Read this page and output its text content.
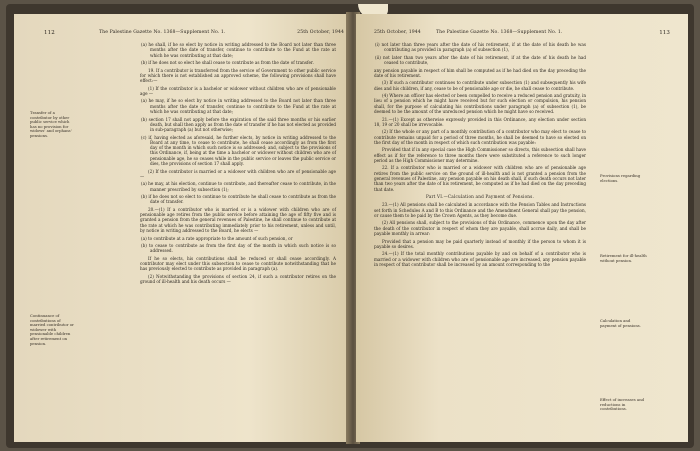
112	The Palestine Gazette No. 1368—Supplement No. 1.	25th October, 1944
Transfer of a contributor by other public service which has no provision for widows' and orphans' pensions.
Continuance of contributions of married contributor or widower with pensionable children after retirement on pension.

(a) he shall, if he so elect by notice in writing addressed to the Board not later than three months after the date of transfer, continue to contribute to the Fund at the rate at which he was contributing at that date;

(b) if he does not so elect he shall cease to contribute as from the date of transfer.

19. If a contributor is transferred from the service of Government to other public service for which there is not established an approved scheme, the following provisions shall have effect:—

(1) If the contributor is a bachelor or widower without children who are of pensionable age —

(a) he may, if he so elect by notice in writing addressed to the Board not later than three months after the date of transfer, continue to contribute to the Fund at the rate at which he was contributing at that date;

(b) section 17 shall not apply before the expiration of the said three months or his earlier death, but shall then apply as from the date of transfer if he has not elected as provided in sub-paragraph (a) but not otherwise;

(c) if, having elected as aforesaid, he further elects, by notice in writing addressed to the Board at any time, to cease to contribute, he shall cease accordingly as from the first day of the month in which such notice is so addressed; and, subject to the provisions of this Ordinance, if, being at the time a bachelor or widower without children who are of pensionable age, he so ceases while in the public service or leaves the public service or dies, the provisions of section 17 shall apply.

(2) If the contributor is married or a widower with children who are of pensionable age —

(a) he may, at his election, continue to contribute, and thereafter cease to contribute, in the manner prescribed by subsection (1);

(b) if he does not so elect to continue to contribute he shall cease to contribute as from the date of transfer.

20.—(1) If a contributor who is married or is a widower with children who are of pensionable age retires from the public service before attaining the age of fifty five and is granted a pension from the general revenues of Palestine, he shall continue to contribute at the rate at which he was contributing immediately prior to his retirement, unless and until, by notice in writing addressed to the Board, he elects —

(a) to contribute at a rate appropriate to the amount of such pension, or

(b) to cease to contribute as from the first day of the month in which such notice is so addressed.

If he so elects, his contributions shall be reduced or shall cease accordingly. A contributor may elect under this subsection to cease to contribute notwithstanding that he has previously elected to contribute as provided in paragraph (a).

(2) Notwithstanding the provisions of section 24, if such a contributor retires on the ground of ill-health and his death occurs —

25th October, 1944	The Palestine Gazette No. 1368—Supplement No. 1.	113

(i) not later than three years after the date of his retirement, if at the date of his death he was contributing as provided in paragraph (a) of subsection (1),

(ii) not later than two years after the date of his retirement, if at the date of his death he had ceased to contribute,

any pension payable in respect of him shall be computed as if he had died on the day preceding the date of his retirement.

(3) If such a contributor continues to contribute under subsection (1) and subsequently his wife dies and his children, if any, cease to be of pensionable age or die, he shall cease to contribute.

(4) Where an officer has elected or been compelled to receive a reduced pension and gratuity, in lieu of a pension which he might have received but for such election or compulsion, his pension shall, for the purpose of calculating his contributions under paragraph (a) of subsection (1), be deemed to be the amount of the unreduced pension which he might have so received.

21.—(1) Except as otherwise expressly provided in this Ordinance, any election under section 18, 19 or 20 shall be irrevocable.

(2) If the whole or any part of a monthly contribution of a contributor who may elect to cease to contribute remains unpaid for a period of three months, he shall be deemed to have so elected on the first day of the month in respect of which such contribution was payable:

Provided that if in any special case the High Commissioner so directs, this subsection shall have effect as if for the reference to three months there were substituted a reference to such longer period as the High Commissioner may determine.

22. If a contributor who is married or a widower with children who are of pensionable age retires from the public service on the ground of ill-health and is not granted a pension from the general revenues of Palestine, any pension payable on his death shall, if such death occurs not later than two years after the date of his retirement, be computed as if he had died on the day preceding that date.

Part VI.—Calculation and Payment of Pensions.

23.—(1) All pensions shall be calculated in accordance with the Pension Tables and Instructions set forth in Schedules A and B to this Ordinance and the Amendment General shall pay the pension, or cause them to be paid by the Crown Agents, as they become due.

(2) All pensions shall, subject to the provisions of this Ordinance, commence upon the day after the death of the contributor in respect of whom they are payable, shall accrue daily, and shall be payable monthly in arrear:

Provided that a pension may be paid quarterly instead of monthly if the person to whom it is payable so desires.

24.—(1) If the total monthly contributions payable by and on behalf of a contributor who is married or a widower with children who are of pensionable age are increased, any pension payable in respect of that contributor shall be increased by an amount corresponding to the

Provisions regarding elections.
Retirement for ill-health without pension.
Calculation and payment of pensions.
Effect of increases and reductions in contributions.
